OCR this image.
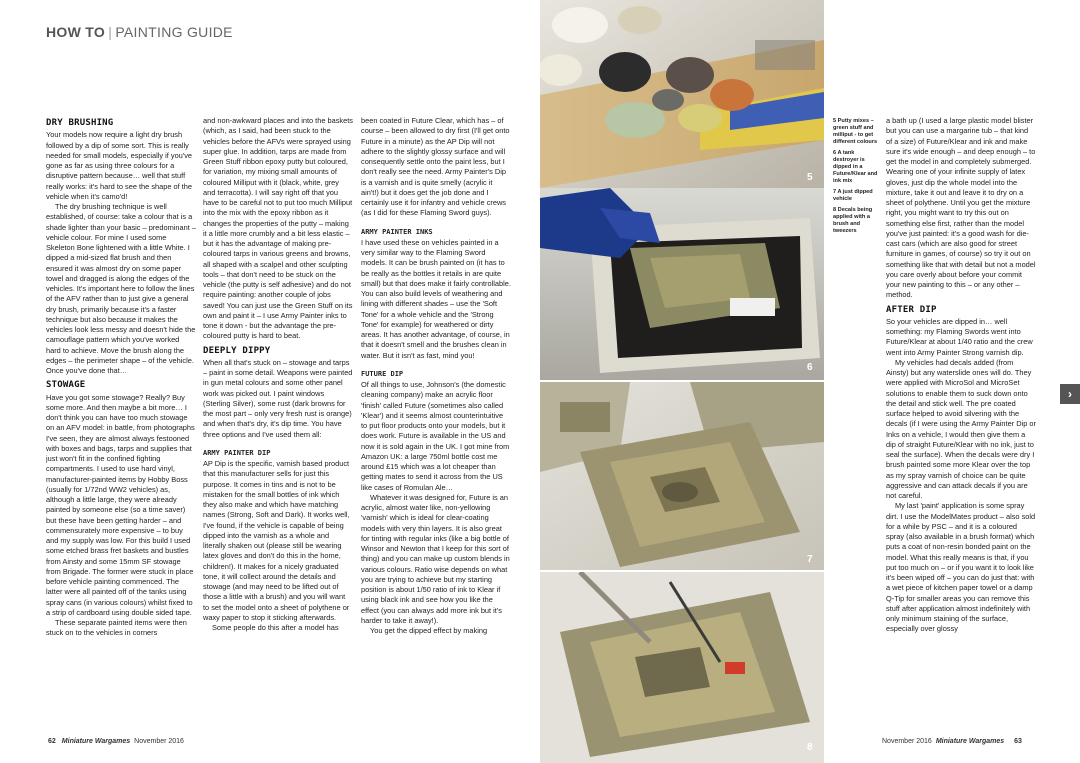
HOW TO | PAINTING GUIDE
DRY BRUSHING

Your models now require a light dry brush followed by a dip of some sort. This is really needed for small models, especially if you've gone as far as using three colours for a disruptive pattern because… well that stuff really works: it's hard to see the shape of the vehicle when it's camo'd!

The dry brushing technique is well established, of course: take a colour that is a shade lighter than your basic – predominant – vehicle colour. For mine I used some Skeleton Bone lightened with a little White. I dipped a mid-sized flat brush and then ensured it was almost dry on some paper towel and dragged is along the edges of the vehicles. It's important here to follow the lines of the AFV rather than to just give a general dry brush, primarily because it's a faster technique but also because it makes the vehicles look less messy and doesn't hide the camouflage pattern which you've worked hard to achieve. Move the brush along the edges – the perimeter shape – of the vehicle. Once you've done that…

STOWAGE

Have you got some stowage? Really? Buy some more. And then maybe a bit more… I don't think you can have too much stowage on an AFV model: in battle, from photographs I've seen, they are almost always festooned with boxes and bags, tarps and supplies that just won't fit in the confined fighting compartments. I used to use hard vinyl, manufacturer-painted items by Hobby Boss (usually for 1/72nd WW2 vehicles) as, although a little large, they were already painted by someone else (so a time saver) but these have been getting harder – and commensurately more expensive – to buy and my supply was low. For this build I used some etched brass fret baskets and bustles from Ainsty and some 15mm SF stowage from Brigade. The former were stuck in place before vehicle painting commenced. The latter were all painted off of the tanks using spray cans (in various colours) whilst fixed to a strip of cardboard using double sided tape.

These separate painted items were then stuck on to the vehicles in corners

and non-awkward places and into the baskets (which, as I said, had been stuck to the vehicles before the AFVs were sprayed using super glue. In addition, tarps are made from Green Stuff ribbon epoxy putty but coloured, for variation, my mixing small amounts of coloured Milliput with it (black, white, grey and terracotta). I will say right off that you have to be careful not to put too much Milliput into the mix with the epoxy ribbon as it changes the properties of the putty – making it a little more crumbly and a bit less elastic – but it has the advantage of making pre-coloured tarps in various greens and browns, all shaped with a scalpel and other sculpting tools – that don't need to be stuck on the vehicle (the putty is self adhesive) and do not require painting: another couple of jobs saved! You can just use the Green Stuff on its own and paint it – I use Army Painter inks to tone it down - but the advantage the pre-coloured putty is hard to beat.

DEEPLY DIPPY

When all that's stuck on – stowage and tarps – paint in some detail. Weapons were painted in gun metal colours and some other panel work was picked out. I paint windows (Sterling Silver), some rust (dark browns for the most part – only very fresh rust is orange) and when that's dry, it's dip time. You have three options and I've used them all:

ARMY PAINTER DIP

AP Dip is the specific, varnish based product that this manufacturer sells for just this purpose. It comes in tins and is not to be mistaken for the small bottles of ink which they also make and which have matching names (Strong, Soft and Dark). It works well, I've found, if the vehicle is capable of being dipped into the varnish as a whole and literally shaken out (please still be wearing latex gloves and don't do this in the home, children!). It makes for a nicely graduated tone, it will collect around the details and stowage (and may need to be lifted out of those a little with a brush) and you will want to set the model onto a sheet of polythene or waxy paper to stop it sticking afterwards.

Some people do this after a model has

been coated in Future Clear, which has – of course – been allowed to dry first (I'll get onto Future in a minute) as the AP Dip will not adhere to the slightly glossy surface and will consequently settle onto the paint less, but I don't really see the need. Army Painter's Dip is a varnish and is quite smelly (acrylic it ain't!) but it does get the job done and I certainly use it for infantry and vehicle crews (as I did for these Flaming Sword guys).

ARMY PAINTER INKS

I have used these on vehicles painted in a very similar way to the Flaming Sword models. It can be brush painted on (it has to be really as the bottles it retails in are quite small) but that does make it fairly controllable. You can also build levels of weathering and lining with different shades – use the 'Soft Tone' for a whole vehicle and the 'Strong Tone' for example) for weathered or dirty areas. It has another advantage, of course, in that it doesn't smell and the brushes clean in water. But it isn't as fast, mind you!

FUTURE DIP

Of all things to use, Johnson's (the domestic cleaning company) make an acrylic floor 'finish' called Future (sometimes also called 'Klear') and it seems almost counterintuitive to put floor products onto your models, but it does work. Future is available in the US and now it is sold again in the UK. I got mine from Amazon UK: a large 750ml bottle cost me around £15 which was a lot cheaper than getting mates to send it across from the US like cases of Romulan Ale…

Whatever it was designed for, Future is an acrylic, almost water like, non-yellowing 'varnish' which is ideal for clear-coating models with very thin layers. It is also great for tinting with regular inks (like a big bottle of Winsor and Newton that I keep for this sort of thing) and you can make up custom blends in various colours. Ratio wise depends on what you are trying to achieve but my starting position is about 1/50 ratio of ink to Klear if using black ink and see how you like the effect (you can always add more ink but it's harder to take it away!).

You get the dipped effect by making

62 Miniature Wargames November 2016
5
6
7
8

5 Putty mixes – green stuff and milliput - to get different colours

6 A tank destroyer is dipped in a Future/Klear and ink mix

7 A just dipped vehicle

8 Decals being applied with a brush and tweezers

a bath up (I used a large plastic model blister but you can use a margarine tub – that kind of a size) of Future/Klear and ink and make sure it's wide enough – and deep enough – to get the model in and completely submerged. Wearing one of your infinite supply of latex gloves, just dip the whole model into the mixture, take it out and leave it to dry on a sheet of polythene. Until you get the mixture right, you might want to try this out on something else first, rather than the model you've just painted: it's a good wash for die-cast cars (which are also good for street furniture in games, of course) so try it out on something like that with detail but not a model you care overly about before your commit your new painting to this – or any other – method.

AFTER DIP

So your vehicles are dipped in… well something: my Flaming Swords went into Future/Klear at about 1/40 ratio and the crew went into Army Painter Strong varnish dip.

My vehicles had decals added (from Ainsty) but any waterslide ones will do. They were applied with MicroSol and MicroSet solutions to enable them to suck down onto the detail and stick well. The pre coated surface helped to avoid silvering with the decals (if I were using the Army Painter Dip or Inks on a vehicle, I would then give them a dip of straight Future/Klear with no ink, just to seal the surface). When the decals were dry I brush painted some more Klear over the top as my spray varnish of choice can be quite aggressive and can attack decals if you are not careful.

My last 'paint' application is some spray dirt. I use the ModelMates product – also sold for a while by PSC – and it is a coloured spray (also available in a brush format) which puts a coat of non-resin bonded paint on the model. What this really means is that, if you put too much on – or if you want it to look like it's been wiped off – you can do just that: with a wet piece of kitchen paper towel or a damp Q-Tip for smaller areas you can remove this stuff after application almost indefinitely with only minimum staining of the surface, especially over glossy

November 2016 Miniature Wargames 63
›
